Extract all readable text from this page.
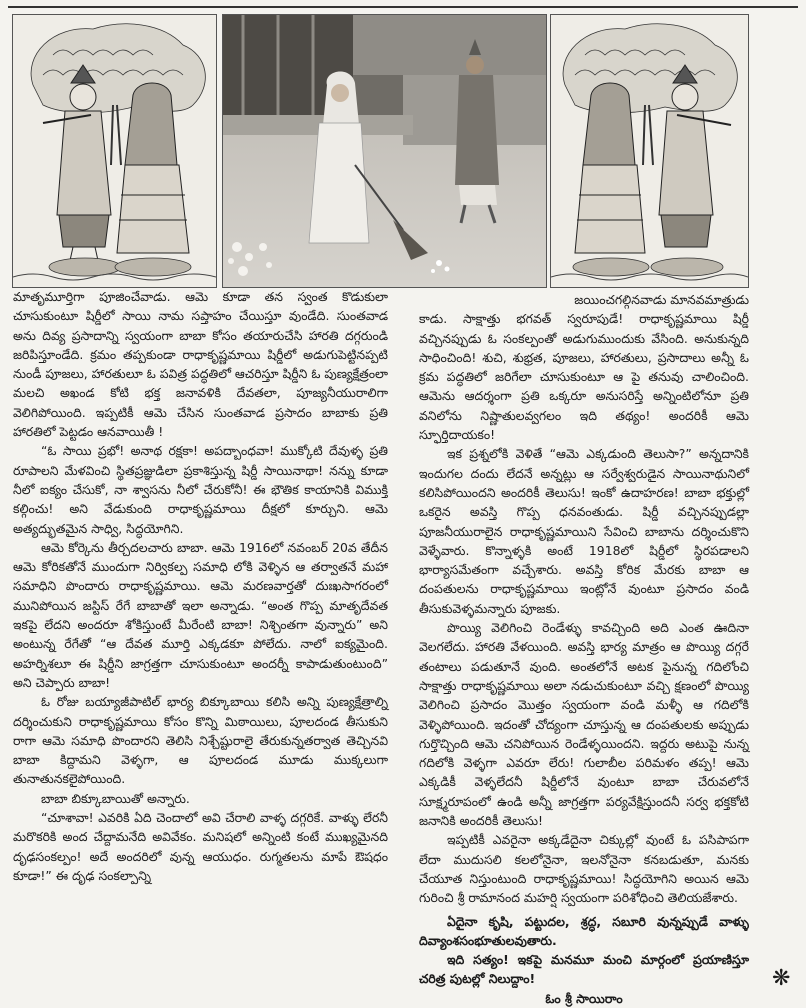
మాతృమూర్తిగా పూజించేవాడు. ఆమె కూడా తన స్వంత కొడుకులా చూసుకుంటూ షిర్డీలో సాయి నామ సప్తాహం చేయిస్తూ వుండేది. సుంతవాడ అను దివ్య ప్రసాదాన్ని స్వయంగా బాబా కోసం తయారుచేసి హారతి దగ్గరుండి జరిపిస్తూండేది. క్రమం తప్పకుండా రాధాకృష్ణమాయి షిర్డీలో అడుగుపెట్టినప్పటి నుండీ పూజలు, హారతులూ ఓ పవిత్ర పద్ధతిలో ఆచరిస్తూ షిర్డీని ఓ పుణ్యక్షేత్రంలా మలచి అఖండ కోటి భక్త జనావళికి దేవతలా, పూజ్యనీయురాలిగా వెలిగిపోయింది. ఇప్పటికీ ఆమె చేసిన సుంతవాడ ప్రసాదం బాబాకు ప్రతి హారతిలో పెట్టడం ఆనవాయితీ !

“ఓ సాయి ప్రభో! అనాథ రక్షకా! అపద్బాంధవా! ముక్కోటి దేవుళ్ళ ప్రతి రూపాలని మేళవించి స్థితప్రజ్ఞుడిలా ప్రకాశిస్తున్న షిర్డీ సాయినాథా! నన్ను కూడా నీలో ఐక్యం చేసుకో, నా శ్వాసను నీలో చేరుకోనీ! ఈ భౌతిక కాయానికి విముక్తి కల్గించు! అని వేడుకుంది రాధాకృష్ణమాయి దీక్షలో కూర్చుని. ఆమె అత్యద్భుతమైన సాధ్వి, సిద్ధయోగిని.

ఆమె కోర్కెను తీర్చదలచారు బాబా. ఆమె 1916లో నవంబర్ 20వ తేదీన ఆమె కోరికతోనే ముందుగా నిర్వికల్ప సమాధి లోకి వెళ్ళిన ఆ తర్వాతనే మహా సమాధిని పొందారు రాధాకృష్ణమాయి. ఆమె మరణవార్తతో దుఃఖసాగరంలో మునిపోయిన జస్టిస్ రేగే బాబాతో ఇలా అన్నాడు. “అంత గొప్ప మాతృదేవత ఇకపై లేదని అందరూ శోకిస్తుంటే మీరేంటి బాబా! నిశ్చింతగా వున్నారు” అని అంటున్న రేగేతో “ఆ దేవత మూర్తి ఎక్కడకూ పోలేదు. నాలో ఐక్యమైంది. అహర్నిశలూ ఈ షిర్డీని జాగ్రత్తగా చూసుకుంటూ అందర్నీ కాపాడుతుంటుంది” అని చెప్పారు బాబా!

ఓ రోజు బయ్యాజీపాటిల్ భార్య బిక్కూబాయి కలిసి అన్ని పుణ్యక్షేత్రాల్ని దర్శించుకుని రాధాకృష్ణమాయి కోసం కొన్ని మిఠాయిలు, పూలదండ తీసుకుని రాగా ఆమె సమాధి పొందారని తెలిసి నిశ్చేష్టురాలై తేరుకున్నతర్వాత తెచ్చినవి బాబా కిద్దామని వెళ్ళగా, ఆ పూలదండ మూడు ముక్కలుగా తునాతునకలైపోయింది.

బాబా బిక్కూబాయితో అన్నారు.

“చూశావా! ఎవరికి ఏది చెందాలో అవి చేరాలి వాళ్ళ దగ్గరికే. వాళ్ళు లేరనీ మరొకరికి అంద చేద్దామనేది అవివేకం. మనిషలో అన్నింటి కంటే ముఖ్యమైనది దృఢసంకల్పం! అదే అందరిలో వున్న ఆయుధం. రుగ్మతలను మాపే ఔషధం కూడా!” ఈ దృఢ సంకల్పాన్ని

జయించగల్గినవాడు మానవమాత్రుడు

కాడు. సాక్షాత్తు భగవత్ స్వరూపుడే! రాధాకృష్ణమాయి షిర్డీ వచ్చినప్పుడు ఓ సంకల్పంతో అడుగుముందుకు వేసింది. అనుకున్నది సాధించింది! శుచి, శుభ్రత, పూజలు, హారతులు, ప్రసాదాలు అన్నీ ఓ క్రమ పద్ధతిలో జరిగేలా చూసుకుంటూ ఆ పై తనువు చాలించింది. ఆమెను ఆదర్శంగా ప్రతి ఒక్కరూ అనుసరిస్తే అన్నింటిలోనూ ప్రతి వనిలోను నిష్ణాతులవ్వగలం ఇది తథ్యం! అందరికీ ఆమె స్ఫూర్తిదాయకం!

ఇక ప్రశ్నలోకి వెళితే “ఆమె ఎక్కడుంది తెలుసా?” అన్నదానికి ఇందుగల దందు లేదనే అన్నట్లు ఆ సర్వేశ్వరుడైన సాయినాథునిలో కలిసిపోయిందని అందరికీ తెలుసు! ఇంకో ఉదాహరణ! బాబా భక్తుల్లో ఒకరైన అవస్తి గొప్ప ధనవంతుడు. షిర్డీ వచ్చినప్పుడల్లా పూజనీయురాలైన రాధాకృష్ణమాయిని సేవించి బాబాను దర్శించుకొని వెళ్ళేవారు. కొన్నాళ్ళకి అంటే 1918లో షిర్డీలో స్థిరపడాలని భార్యాసమేతంగా వచ్చేశారు. అవస్తి కోరిక మేరకు బాబా ఆ దంపతులను రాధాకృష్ణమాయి ఇంట్లోనే వుంటూ ప్రసాదం వండి తీసుకువెళ్ళమన్నారు పూజకు.

పొయ్యి వెలిగించి రెండేళ్ళు కావచ్చింది అది ఎంత ఊదినా వెలగలేదు. హారతి వేళయింది. అవస్తి భార్య మాత్రం ఆ పొయ్యి దగ్గరే తంటాలు పడుతూనే వుంది. అంతలోనే అటక పైనున్న గదిలోంచి సాక్షాత్తు రాధాకృష్ణమాయి అలా నడుచుకుంటూ వచ్చి క్షణంలో పొయ్యి వెలిగించి ప్రసాదం మొత్తం స్వయంగా వండి మళ్ళీ ఆ గదిలోకి వెళ్ళిపోయింది. ఇదంతో చోద్యంగా చూస్తున్న ఆ దంపతులకు అప్పుడు గుర్తొచ్చింది ఆమె చనిపోయిన రెండేళ్ళయిందని. ఇద్దరు అటుపై నున్న గదిలోకి వెళ్ళగా ఎవరూ లేరు! గులాబీల పరిమళం తప్ప! ఆమె ఎక్కడికీ వెళ్ళలేదనీ షిర్డీలోనే వుంటూ బాబా చేరువలోనే సూక్ష్మరూపంలో ఉండి అన్నీ జాగ్రత్తగా పర్యవేక్షిస్తుందనీ సర్వ భక్తకోటి జనానికి అందరికీ తెలుసు!

ఇప్పటికీ ఎవరైనా అక్కడేదైనా చిక్కుల్లో వుంటే ఓ పసిపాపగా లేదా ముదుసలి కలలోనైనా, ఇలనోనైనా కనబడుతూ, మనకు చేయూత నిస్తుంటుంది రాధాకృష్ణమాయి! సిద్ధయోగిని అయిన ఆమె గురించి శ్రీ రామానంద మహర్షి స్వయంగా పరిశోధించి తెలియజేశారు.

ఏదైనా కృషి, పట్టుదల, శ్రద్ధ, సబూరి వున్నప్పుడే వాళ్ళు దివ్యాంశసంభూతులవుతారు.

ఇది సత్యం! ఇకపై మనమూ మంచి మార్గంలో ప్రయాణిస్తూ చరిత్ర పుటల్లో నిలుద్దాం!

ఓం శ్రీ సాయిరాం

❋
